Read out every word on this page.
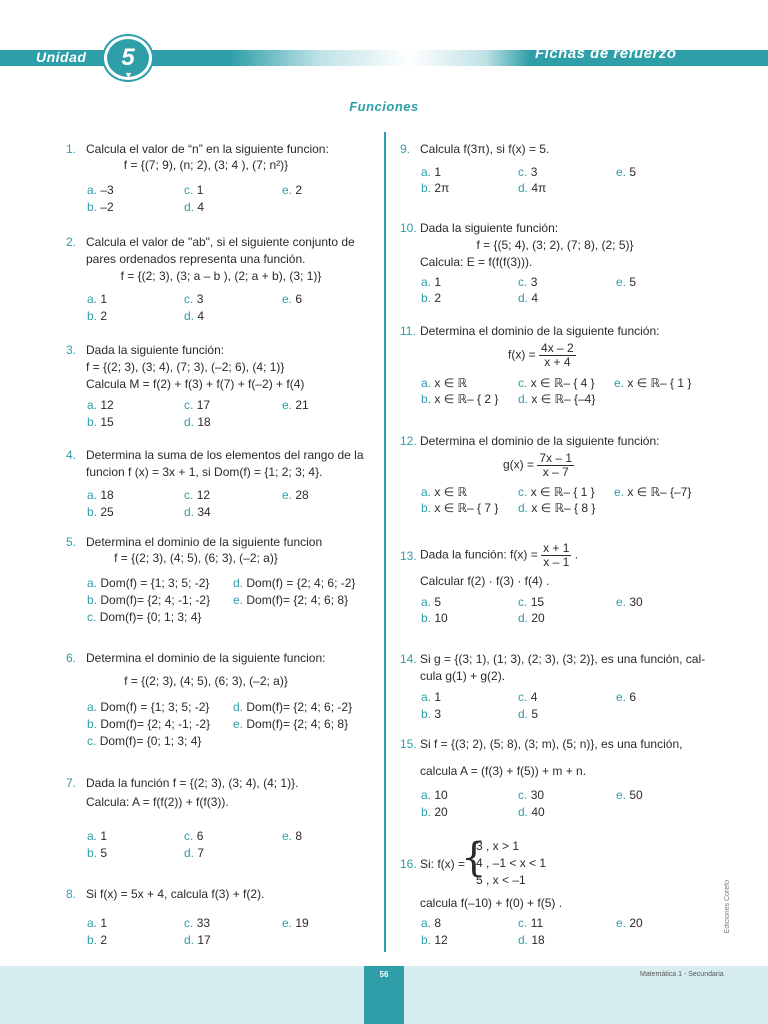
Unidad	5
▼
Fichas de refuerzo
Funciones
1. Calcula el valor de “n” en la siguiente funcion:
f = {(7; 9), (n; 2), (3; 4 ), (7; n²)}
a. –3	c. 1	e. 2
b. –2	d. 4
2. Calcula el valor de "ab", si el siguiente conjunto de
pares ordenados representa una función.
f = {(2; 3), (3; a – b ), (2; a + b), (3; 1)}
a. 1	c. 3	e. 6
b. 2	d. 4
3. Dada la siguiente función:
f = {(2; 3), (3; 4), (7; 3), (–2; 6), (4; 1)}
Calcula M = f(2) + f(3) + f(7) + f(–2) + f(4)
a. 12	c. 17	e. 21
b. 15	d. 18
4. Determina la suma de los elementos del rango de la
funcion f (x) = 3x + 1, si Dom(f) = {1; 2; 3; 4}.
a. 18	c. 12	e. 28
b. 25	d. 34
5. Determina el dominio de la siguiente funcion
f = {(2; 3), (4; 5), (6; 3), (–2; a)}
a. Dom(f) = {1; 3; 5; -2} d. Dom(f) = {2; 4; 6; -2}
b. Dom(f)= {2; 4; -1; -2} e. Dom(f)= {2; 4; 6; 8}
c. Dom(f)= {0; 1; 3; 4}
6. Determina el dominio de la siguiente funcion:
f = {(2; 3), (4; 5), (6; 3), (–2; a)}
a. Dom(f) = {1; 3; 5; -2} d. Dom(f)= {2; 4; 6; -2}
b. Dom(f)= {2; 4; -1; -2} e. Dom(f)= {2; 4; 6; 8}
c. Dom(f)= {0; 1; 3; 4}
7. Dada la función f = {(2; 3), (3; 4), (4; 1)}.
Calcula: A = f(f(2)) + f(f(3)).
a. 1	c. 6	e. 8
b. 5	d. 7
8. Si f(x) = 5x + 4, calcula f(3) + f(2).
a. 1	c. 33	e. 19
b. 2	d. 17
9. Calcula f(3π), si f(x) = 5.
a. 1	c. 3	e. 5
b. 2π	d. 4π
10. Dada la siguiente función:
f = {(5; 4), (3; 2), (7; 8), (2; 5)}
Calcula: E = f(f(f(3))).
a. 1	c. 3	e. 5
b. 2	d. 4
11. Determina el dominio de la siguiente función:
$f(x) = \frac{4x - 2}{x + 4}$
a. x ∈ ℝ	c. x ∈ ℝ– { 4 } e. x ∈ ℝ– { 1 }
b. x ∈ ℝ– { 2 } d. x ∈ ℝ– {–4}
12. Determina el dominio de la siguiente función:
$g(x) = \frac{7x - 1}{x - 7}$
a. x ∈ ℝ	c. x ∈ ℝ– { 1 } e. x ∈ ℝ– {–7}
b. x ∈ ℝ– { 7 } d. x ∈ ℝ– { 8 }
13. Dada la función: $f(x) = \frac{x + 1}{x - 1}$ .
Calcular f(2) · f(3) · f(4) .
a. 5	c. 15	e. 30
b. 10	d. 20
14. Si g = {(3; 1), (1; 3), (2; 3), (3; 2)}, es una función, cal-
cula g(1) + g(2).
a. 1	c. 4	e. 6
b. 3	d. 5
15. Si f = {(3; 2), (5; 8), (3; m), (5; n)}, es una función,
calcula A = (f(3) + f(5)) + m + n.
a. 10	c. 30	e. 50
b. 20	d. 40
16. Si: f(x) =
{
3 , x > 1
4 , –1 < x < 1
5 , x < –1
calcula f(–10) + f(0) + f(5) .
a. 8	c. 11	e. 20
b. 12	d. 18
Ediciones Corefo
56	Matemática 1 - Secundaria
